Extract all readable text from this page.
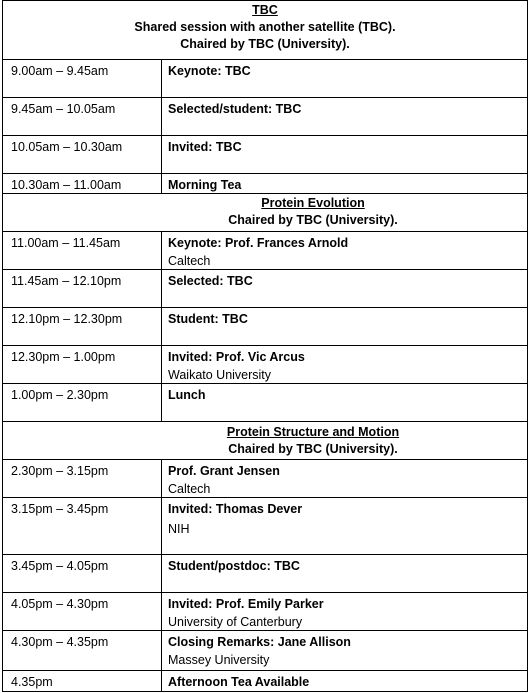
TBC
Shared session with another satellite (TBC).
Chaired by TBC (University).
9.00am – 9.45am	Keynote: TBC
9.45am – 10.05am	Selected/student: TBC
10.05am – 10.30am	Invited: TBC
10.30am – 11.00am	Morning Tea
Protein Evolution
Chaired by TBC (University).
11.00am – 11.45am	Keynote: Prof. Frances Arnold
Caltech
11.45am – 12.10pm	Selected: TBC
12.10pm – 12.30pm	Student: TBC
12.30pm – 1.00pm	Invited: Prof. Vic Arcus
Waikato University
1.00pm – 2.30pm	Lunch
Protein Structure and Motion
Chaired by TBC (University).
2.30pm – 3.15pm	Prof. Grant Jensen
Caltech
3.15pm – 3.45pm	Invited: Thomas Dever
NIH
3.45pm – 4.05pm	Student/postdoc: TBC
4.05pm – 4.30pm	Invited: Prof. Emily Parker
University of Canterbury
4.30pm – 4.35pm	Closing Remarks: Jane Allison
Massey University
4.35pm	Afternoon Tea Available
